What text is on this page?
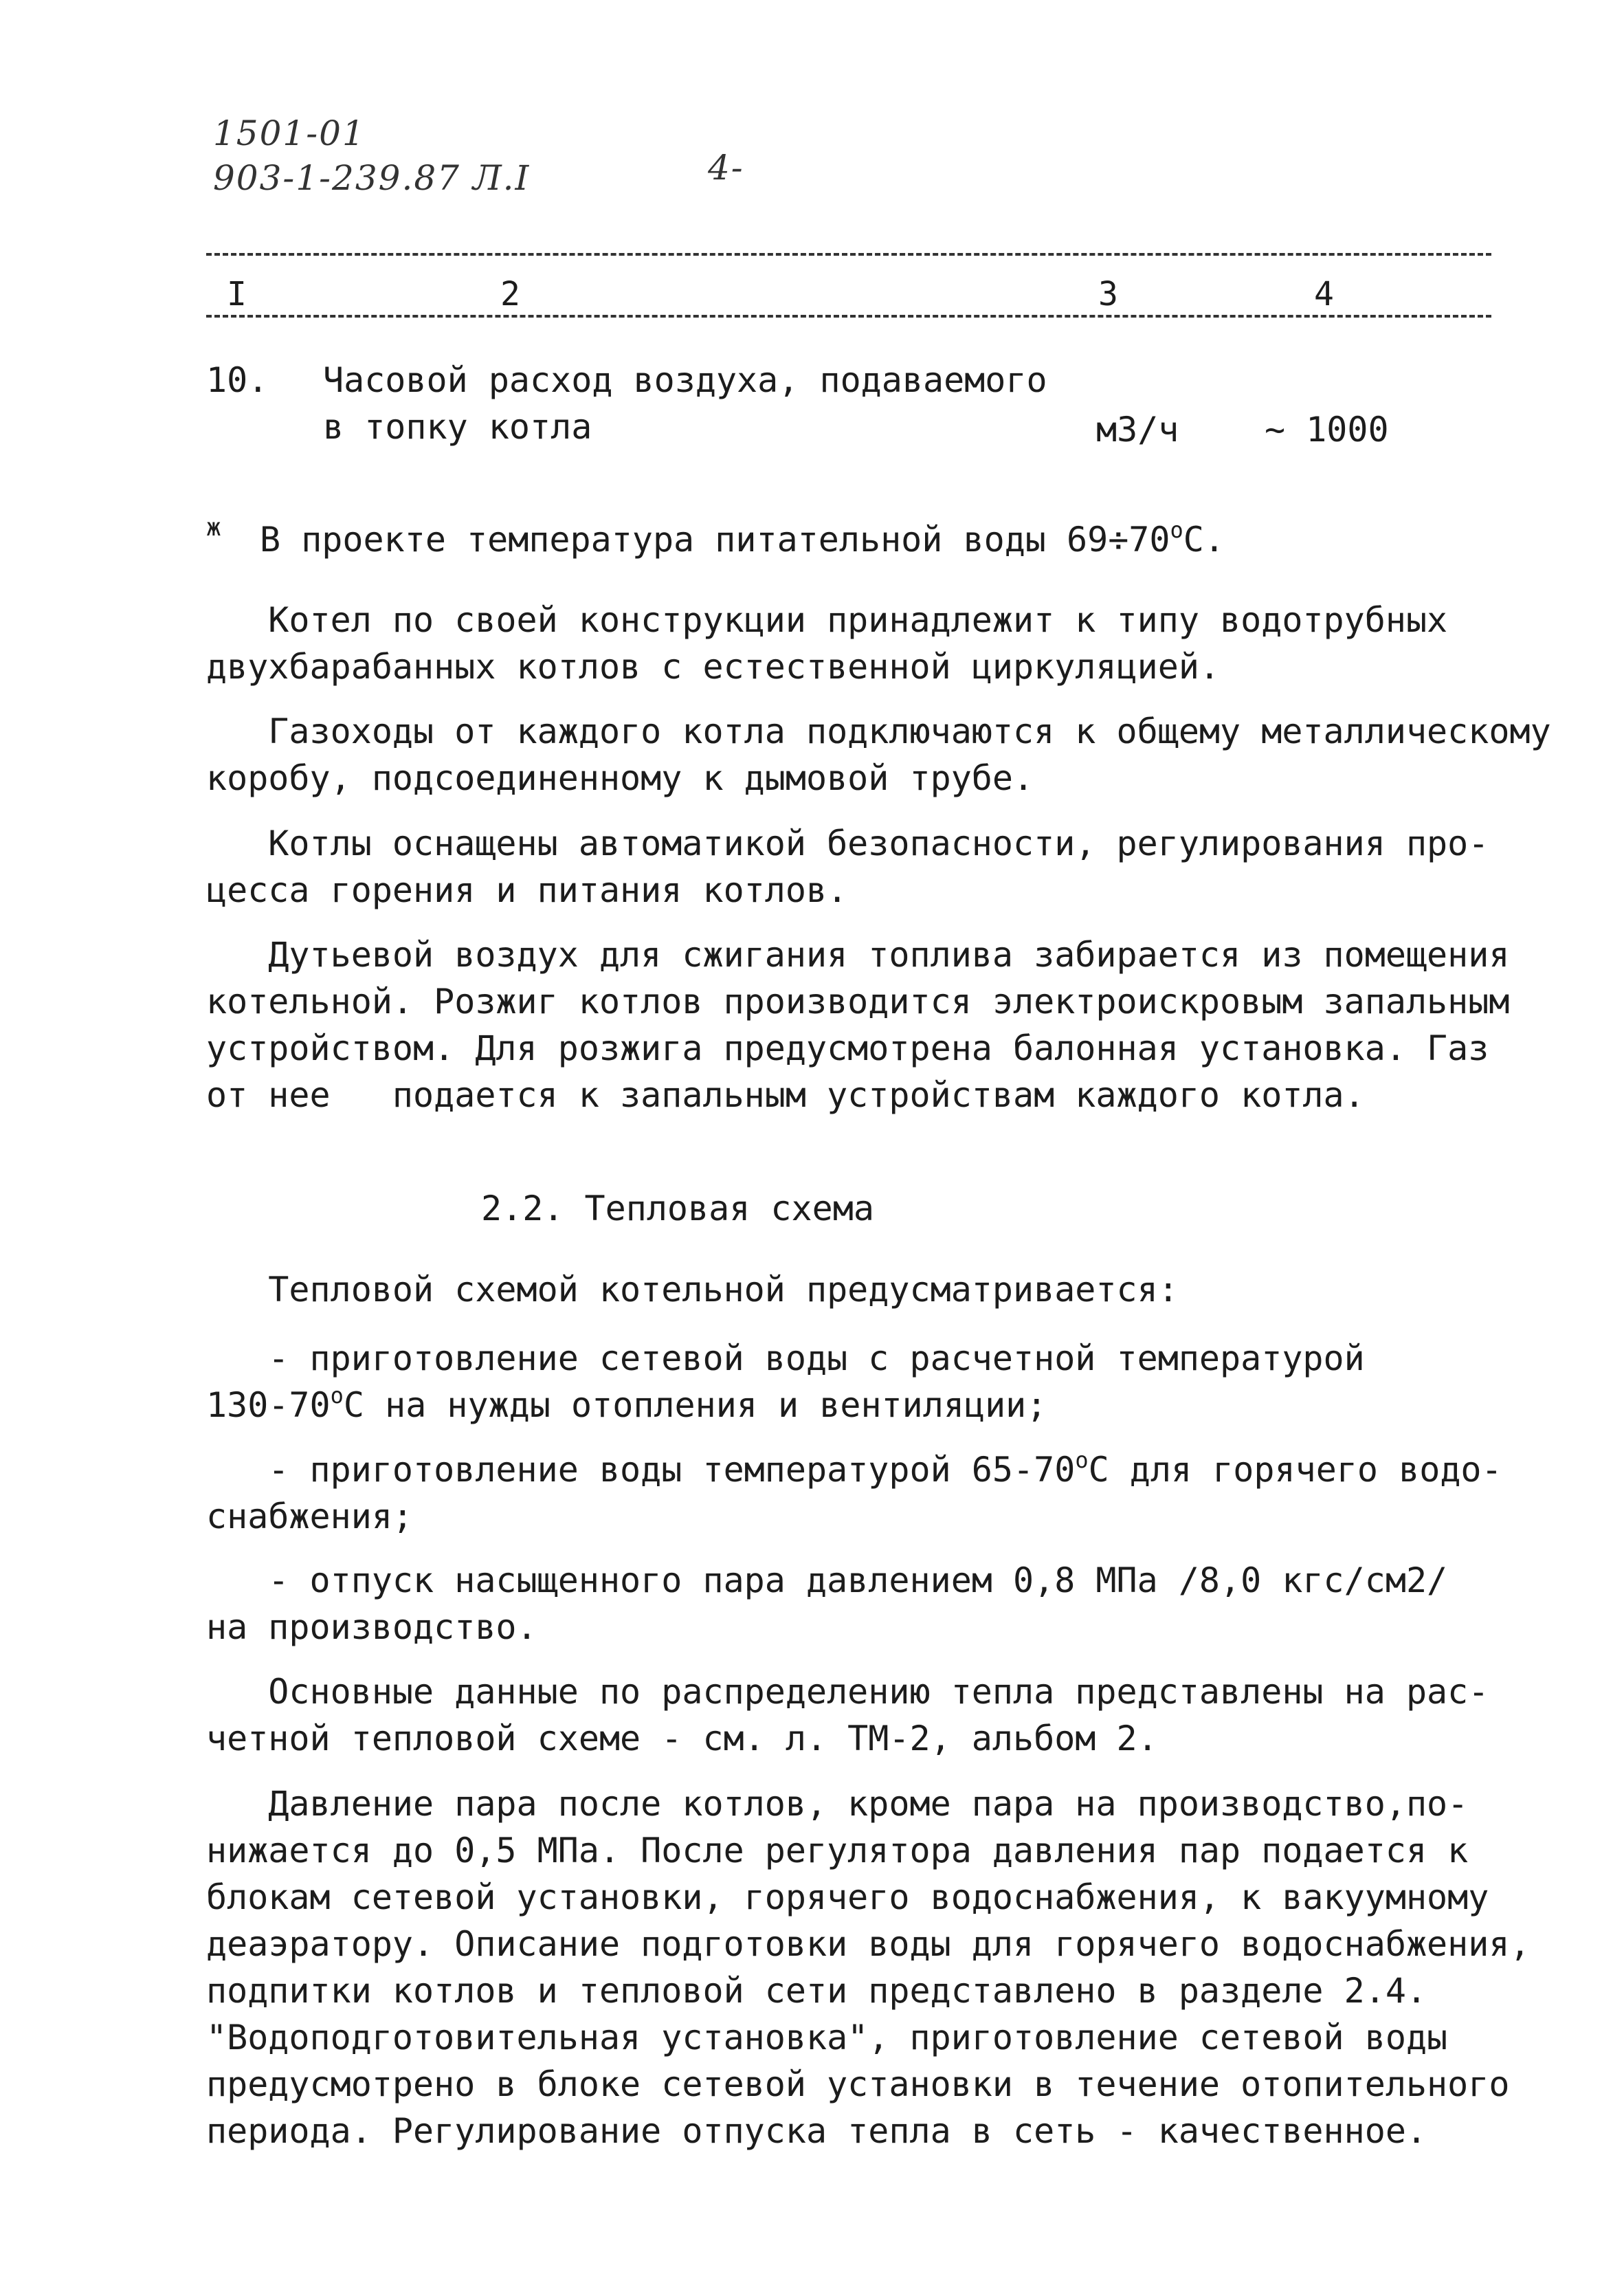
1501-01
903-1-239.87 Л.I	4-
I	2	3	4
10. Часовой расход воздуха, подаваемого
в топку котла	м3/ч ~ 1000
ж В проекте температура питательной воды $69\div 70^оС$.
Котел по своей конструкции принадлежит к типу водотрубных
двухбарабанных котлов с естественной циркуляцией.
Газоходы от каждого котла подключаются к общему металлическому
коробу, подсоединенному к дымовой трубе.
Котлы оснащены автоматикой безопасности, регулирования про-
цесса горения и питания котлов.
Дутьевой воздух для сжигания топлива забирается из помещения
котельной. Розжиг котлов производится электроискровым запальным
устройством. Для розжига предусмотрена балонная установка. Газ
от нее   подается к запальным устройствам каждого котла.
2.2. Тепловая схема
Тепловой схемой котельной предусматривается:
- приготовление сетевой воды с расчетной температурой
$130-70^оС$ на нужды отопления и вентиляции;
- приготовление воды температурой $65-70^оС$ для горячего водо-
снабжения;
- отпуск насыщенного пара давлением 0,8 МПа /8,0 кгс/см2/
на производство.
Основные данные по распределению тепла представлены на рас-
четной тепловой схеме - см. л. ТМ-2, альбом 2.
Давление пара после котлов, кроме пара на производство,по-
нижается до 0,5 МПа. После регулятора давления пар подается к
блокам сетевой установки, горячего водоснабжения, к вакуумному
деаэратору. Описание подготовки воды для горячего водоснабжения,
подпитки котлов и тепловой сети представлено в разделе 2.4.
"Водоподготовительная установка", приготовление сетевой воды
предусмотрено в блоке сетевой установки в течение отопительного
периода. Регулирование отпуска тепла в сеть - качественное.
